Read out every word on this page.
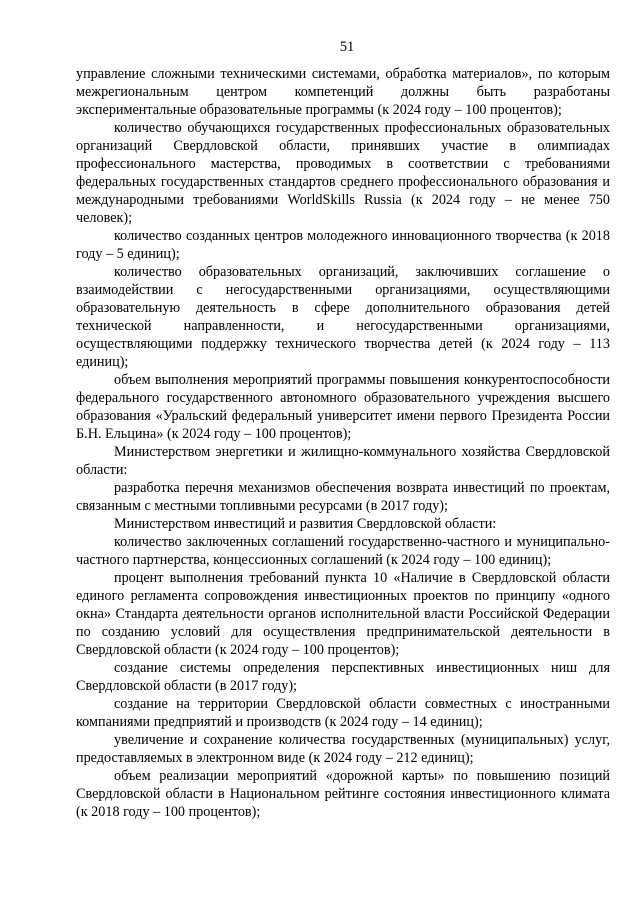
51

управление сложными техническими системами, обработка материалов», по которым межрегиональным центром компетенций должны быть разработаны экспериментальные образовательные программы (к 2024 году – 100 процентов);

количество обучающихся государственных профессиональных образовательных организаций Свердловской области, принявших участие в олимпиадах профессионального мастерства, проводимых в соответствии с требованиями федеральных государственных стандартов среднего профессионального образования и международными требованиями WorldSkills Russia (к 2024 году – не менее 750 человек);

количество созданных центров молодежного инновационного творчества (к 2018 году – 5 единиц);

количество образовательных организаций, заключивших соглашение о взаимодействии с негосударственными организациями, осуществляющими образовательную деятельность в сфере дополнительного образования детей технической направленности, и негосударственными организациями, осуществляющими поддержку технического творчества детей (к 2024 году – 113 единиц);

объем выполнения мероприятий программы повышения конкурентоспособности федерального государственного автономного образовательного учреждения высшего образования «Уральский федеральный университет имени первого Президента России Б.Н. Ельцина» (к 2024 году – 100 процентов);

Министерством энергетики и жилищно-коммунального хозяйства Свердловской области:

разработка перечня механизмов обеспечения возврата инвестиций по проектам, связанным с местными топливными ресурсами (в 2017 году);

Министерством инвестиций и развития Свердловской области:

количество заключенных соглашений государственно-частного и муниципально-частного партнерства, концессионных соглашений (к 2024 году – 100 единиц);

процент выполнения требований пункта 10 «Наличие в Свердловской области единого регламента сопровождения инвестиционных проектов по принципу «одного окна» Стандарта деятельности органов исполнительной власти Российской Федерации по созданию условий для осуществления предпринимательской деятельности в Свердловской области (к 2024 году – 100 процентов);

создание системы определения перспективных инвестиционных ниш для Свердловской области (в 2017 году);

создание на территории Свердловской области совместных с иностранными компаниями предприятий и производств (к 2024 году – 14 единиц);

увеличение и сохранение количества государственных (муниципальных) услуг, предоставляемых в электронном виде (к 2024 году – 212 единиц);

объем реализации мероприятий «дорожной карты» по повышению позиций Свердловской области в Национальном рейтинге состояния инвестиционного климата (к 2018 году – 100 процентов);
